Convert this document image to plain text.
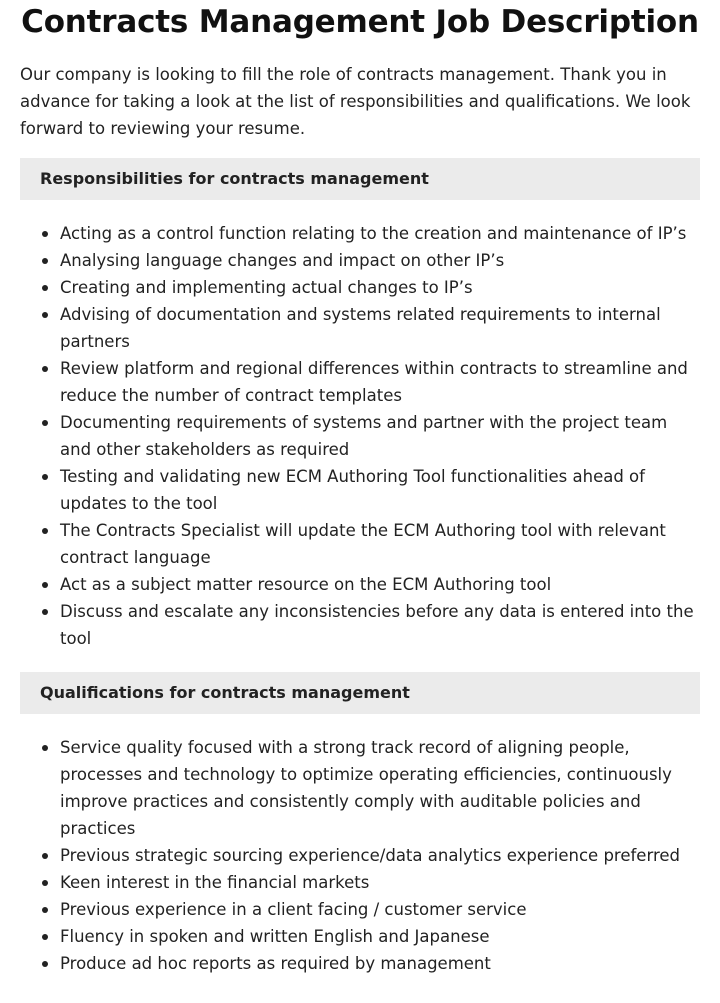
Contracts Management Job Description

Our company is looking to fill the role of contracts management. Thank you in advance for taking a look at the list of responsibilities and qualifications. We look forward to reviewing your resume.

Responsibilities for contracts management
Acting as a control function relating to the creation and maintenance of IP’s
Analysing language changes and impact on other IP’s
Creating and implementing actual changes to IP’s
Advising of documentation and systems related requirements to internal partners
Review platform and regional differences within contracts to streamline and reduce the number of contract templates
Documenting requirements of systems and partner with the project team and other stakeholders as required
Testing and validating new ECM Authoring Tool functionalities ahead of updates to the tool
The Contracts Specialist will update the ECM Authoring tool with relevant contract language
Act as a subject matter resource on the ECM Authoring tool
Discuss and escalate any inconsistencies before any data is entered into the tool
Qualifications for contracts management
Service quality focused with a strong track record of aligning people, processes and technology to optimize operating efficiencies, continuously improve practices and consistently comply with auditable policies and practices
Previous strategic sourcing experience/data analytics experience preferred
Keen interest in the financial markets
Previous experience in a client facing / customer service
Fluency in spoken and written English and Japanese
Produce ad hoc reports as required by management
